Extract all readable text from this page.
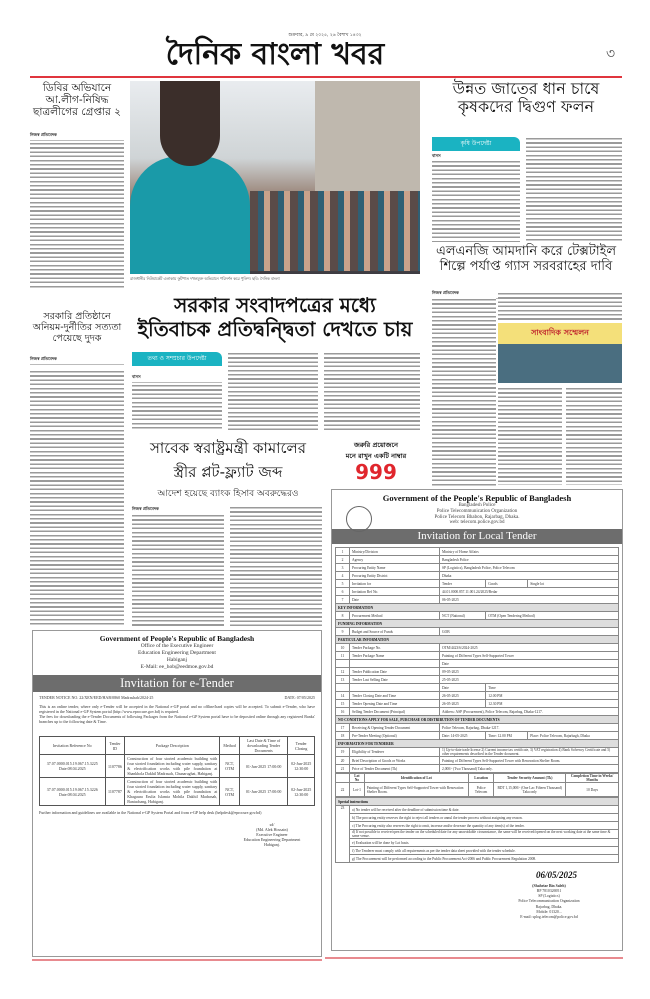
শুক্রবার, ৯ মে ২০২৫, ২৬ বৈশাখ ১৪৩২
দৈনিক বাংলা খবর	৩
ডিবির অভিযানে আ.লীগ-নিষিদ্ধ ছাত্রলীগের গ্রেপ্তার ২
নিজস্ব প্রতিবেদক
রাজধানীর নিউমার্কেট এলাকায় ফুটপাত দখলমুক্ত অভিযানে পরিদর্শন করে পুলিশ। ছবি: দৈনিক বাংলা
উন্নত জাতের ধান চাষে কৃষকদের দ্বিগুণ ফলন
কৃষি উপদেষ্টা
বাসস
এলএনজি আমদানি করে টেক্সটাইল শিল্পে পর্যাপ্ত গ্যাস সরবরাহের দাবি
নিজস্ব প্রতিবেদক
সাংবাদিক সম্মেলন
সরকারি প্রতিষ্ঠানে অনিয়ম-দুর্নীতির সত্যতা পেয়েছে দুদক
নিজস্ব প্রতিবেদক
সরকার সংবাদপত্রের মধ্যে
ইতিবাচক প্রতিদ্বন্দ্বিতা দেখতে চায়
তথ্য ও সম্প্রচার উপদেষ্টা
বাসস
সাবেক স্বরাষ্ট্রমন্ত্রী কামালের
স্ত্রীর প্লট-ফ্ল্যাট জব্দ
আদেশ হয়েছে ব্যাংক হিসাব অবরুদ্ধেরও
নিজস্ব প্রতিবেদক
জরুরি প্রয়োজনে
মনে রাখুন একটি নাম্বার
999
Government of the People's Republic of Bangladesh
Bangladesh Police
Police Telecommunication Organization
Police Telecom Bhabon, Rajarbag, Dhaka.
web: telecom.police.gov.bd
Invitation for Local Tender
1	Ministry/Division	Ministry of Home Affairs		
2	Agency	Bangladesh Police		
3	Procuring Entity Name	SP (Logistics), Bangladesh Police, Police Telecom		
4	Procuring Entity District	Dhaka		
5	Invitation for	Tender	Goods	Single lot
6	Invitation Ref No.	44.01.0000.857.11.001.24/2025/Bedar		
7	Date	06-05-2025		
KEY INFORMATION				
8	Procurement Method	NCT (National)	OTM (Open Tendering Method)	
FUNDING INFORMATION				
9	Budget and Source of Funds	GOB		
PARTICULAR INFORMATION				
10	Tender Package No.	OTM/4423/6/2024-2025		
11	Tender Package Name	Painting of Different Types Self-Supported Tower		
		Date		
12	Tender Publication Date	09-05-2025		
13	Tender Last Selling Date	25-05-2025		
		Date	Time	
14	Tender Closing Date and Time	26-05-2025	12.00 PM	
15	Tender Opening Date and Time	26-05-2025	12.30 PM	
16	Selling Tender Document (Principal)	Address: ASP (Procurement), Police Telecom, Rajarbag, Dhaka-1217.		
NO CONDITIONS APPLY FOR SALE, PURCHASE OR DISTRIBUTION OF TENDER DOCUMENTS				
17	Receiving & Opening Tender Document	Police Telecom, Rajarbag, Dhaka-1217.		
18	Pre-Tender Meeting (Optional)	Date: 14-05-2025	Time: 12.00 PM	Place: Police Telecom, Rajarbagh, Dhaka
INFORMATION FOR TENDERER				
19	Eligibility of Tenderer	1) Up-to-date trade license 2) Current income tax certificate, 3) VAT registration 4) Bank Solvency Certificate and 5) other requirements described in the Tender document.		
20	Brief Description of Goods or Works	Painting of Different Types Self-Supported Tower with Renovation Shelter Room.		
21	Price of Tender Document (Tk)	2,000/- (Two Thousand) Taka only.		
	Lot No	Identification of Lot	Location	Tender Security Amount (Tk)	Completion Time in Weeks/ Months
22	Lot-1	Painting of Different Types Self-Supported Tower with Renovation Shelter Room.	Police Telecom	BDT 1,15,000/- (One Lac Fifteen Thousand) Taka only	10 Days
Special instructions
23	a) No tender will be received after the deadline of submission time & date.
b) The procuring entity reserves the right to reject all tenders or annul the tender process without assigning any reason.
c) The Procuring entity also reserves the right to omit, increase and/or decrease the quantity of any item(s) of the tender.
d) If not possible to receive/open the tender on the scheduled date for any unavoidable circumstance, the same will be received/opened on the next working date at the same time & same venue.
e) Evaluation will be done by Lot basis.
f) The Tenderer must comply with all requirements as per the tender data sheet provided with the tender schedule.
g) The Procurement will be performed according to the Public Procurement Act-2006 and Public Procurement Regulation 2008.
06/05/2025
(Shahriar Bin Saleh)
BP 7810326951
SP (Logistics)
Police Telecommunication Organization
Rajarbag, Dhaka.
Mobile: 01320...
E-mail: splog.telecom@police.gov.bd
Government of People's Republic of Bangladesh
Office of the Executive Engineer
Education Engineering Department
Habiganj
E-Mail: ee_hob@eedmoe.gov.bd
Invitation for e-Tender
TENDER NOTICE NO. 22/XEN/EED/HAB/0860 Madrashah/2024-25	DATE: 07/05/2025
This is an online tender, where only e-Tender will be accepted in the National e-GP portal and no offline/hard copies will be accepted. To submit e-Tender, who have registered in the National e-GP System portal (http://www.eprocure.gov.bd) is required.
The fees for downloading the e-Tender Documents of following Packages from the National e-GP System portal have to be deposited online through any registered Banks' branches up to the following date & Time.
Invitation Reference No	Tender ID	Package Description	Method	Last Date & Time of downloading Tender Documents	Tender Closing
37.07.0000.015.19.067.15.3225 Date:08.04.2025	1107786	Construction of four storied academic building with four storied foundation including water supply, sanitary & electrification works with pile foundation at Shankhola Dakhil Madrasah, Chunarughat, Habiganj.	NCT, OTM	01-Jun-2025 17:00:00	02-Jun-2025 12:30:00
37.07.0000.015.19.067.15.3226 Date:08.04.2025	1107787	Construction of four storied academic building with four storied foundation including water supply, sanitary & electrification works with pile foundation at Khagaura Erulia Islamia Mohila Dakhil Madrasah, Baniachang, Habiganj.	NCT, OTM	01-Jun-2025 17:00:00	02-Jun-2025 12:30:00
Further information and guidelines are available in the National e-GP System Portal and from e-GP help desk (helpdesk@eprocure.gov.bd)
sd/
(Md. Alek Hossain)
Executive Engineer
Education Engineering Department
Habiganj.
